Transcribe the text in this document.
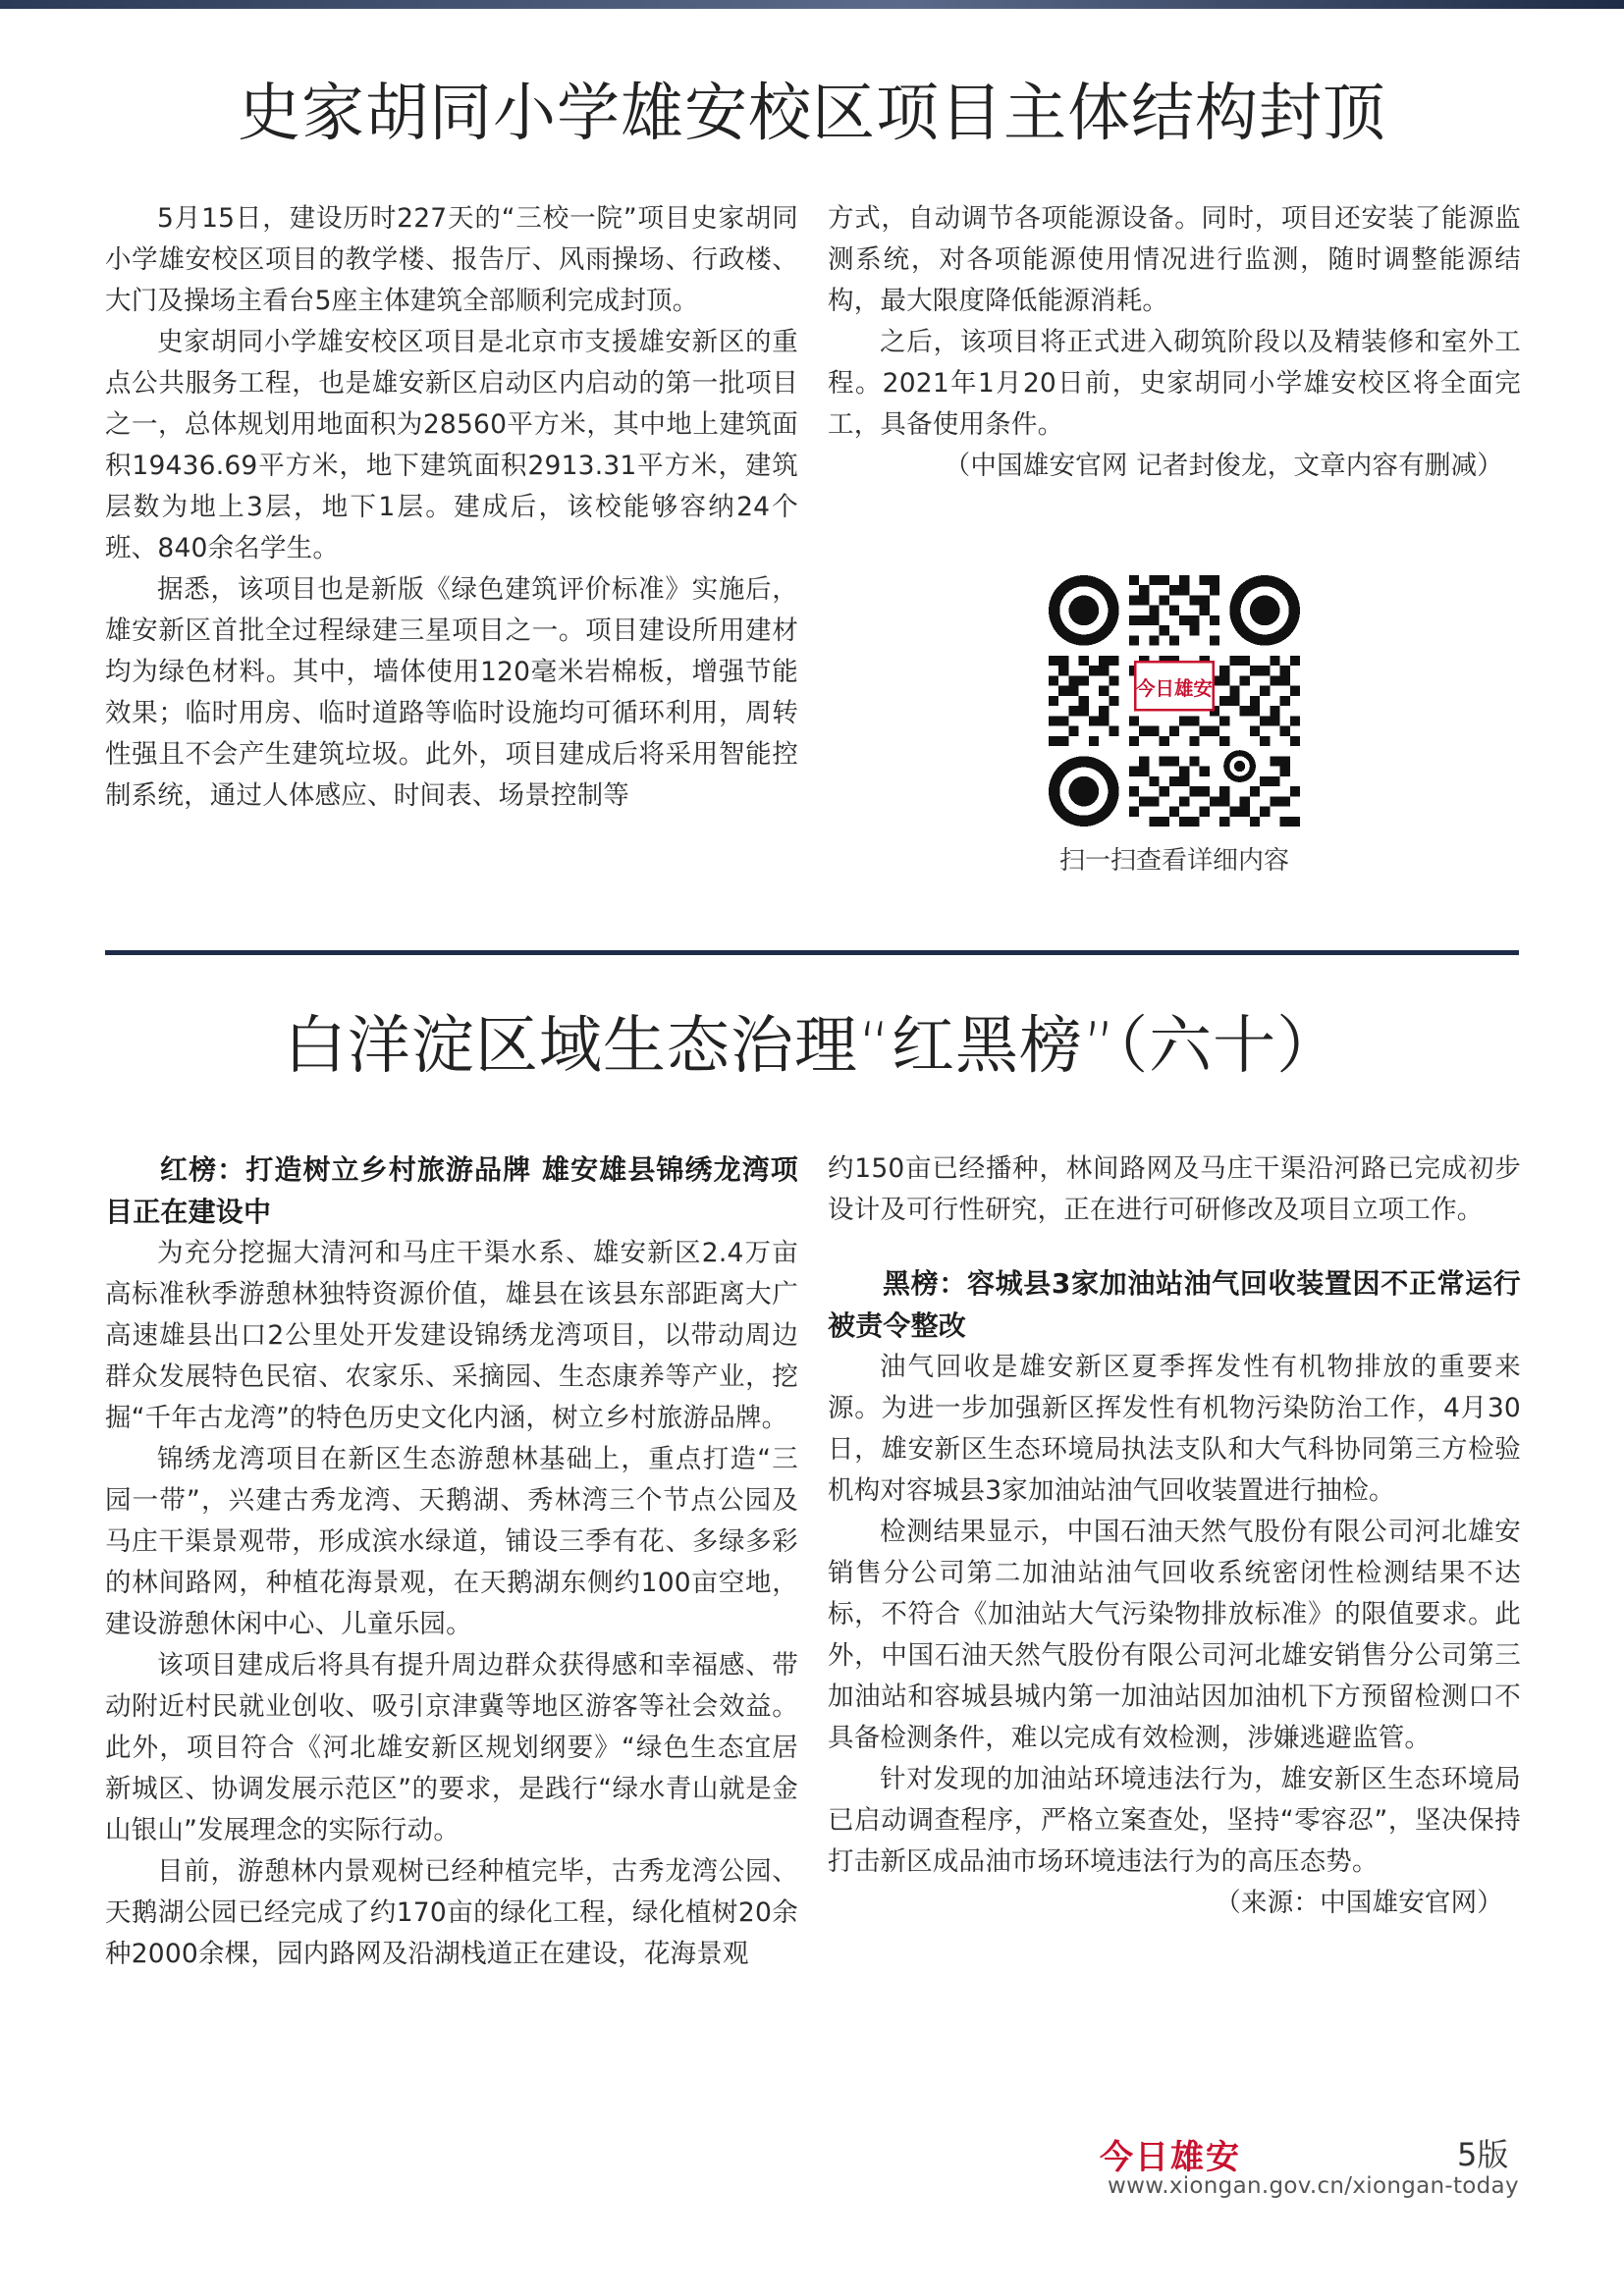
史家胡同小学雄安校区项目主体结构封顶

5月15日，建设历时227天的“三校一院”项目史家胡同小学雄安校区项目的教学楼、报告厅、风雨操场、行政楼、大门及操场主看台5座主体建筑全部顺利完成封顶。

史家胡同小学雄安校区项目是北京市支援雄安新区的重点公共服务工程，也是雄安新区启动区内启动的第一批项目之一，总体规划用地面积为28560平方米，其中地上建筑面积19436.69平方米，地下建筑面积2913.31平方米，建筑层数为地上3层，地下1层。建成后，该校能够容纳24个班、840余名学生。

据悉，该项目也是新版《绿色建筑评价标准》实施后，雄安新区首批全过程绿建三星项目之一。项目建设所用建材均为绿色材料。其中，墙体使用120毫米岩棉板，增强节能效果；临时用房、临时道路等临时设施均可循环利用，周转性强且不会产生建筑垃圾。此外，项目建成后将采用智能控制系统，通过人体感应、时间表、场景控制等

方式，自动调节各项能源设备。同时，项目还安装了能源监测系统，对各项能源使用情况进行监测，随时调整能源结构，最大限度降低能源消耗。

之后，该项目将正式进入砌筑阶段以及精装修和室外工程。2021年1月20日前，史家胡同小学雄安校区将全面完工，具备使用条件。

（中国雄安官网 记者封俊龙，文章内容有删减）

今日雄安

扫一扫查看详细内容

白洋淀区域生态治理“红黑榜”（六十）

红榜：打造树立乡村旅游品牌 雄安雄县锦绣龙湾项目正在建设中

为充分挖掘大清河和马庄干渠水系、雄安新区2.4万亩高标准秋季游憩林独特资源价值，雄县在该县东部距离大广高速雄县出口2公里处开发建设锦绣龙湾项目，以带动周边群众发展特色民宿、农家乐、采摘园、生态康养等产业，挖掘“千年古龙湾”的特色历史文化内涵，树立乡村旅游品牌。

锦绣龙湾项目在新区生态游憩林基础上，重点打造“三园一带”，兴建古秀龙湾、天鹅湖、秀林湾三个节点公园及马庄干渠景观带，形成滨水绿道，铺设三季有花、多绿多彩的林间路网，种植花海景观，在天鹅湖东侧约100亩空地，建设游憩休闲中心、儿童乐园。

该项目建成后将具有提升周边群众获得感和幸福感、带动附近村民就业创收、吸引京津冀等地区游客等社会效益。此外，项目符合《河北雄安新区规划纲要》“绿色生态宜居新城区、协调发展示范区”的要求，是践行“绿水青山就是金山银山”发展理念的实际行动。

目前，游憩林内景观树已经种植完毕，古秀龙湾公园、天鹅湖公园已经完成了约170亩的绿化工程，绿化植树20余种2000余棵，园内路网及沿湖栈道正在建设，花海景观

约150亩已经播种，林间路网及马庄干渠沿河路已完成初步设计及可行性研究，正在进行可研修改及项目立项工作。

黑榜：容城县3家加油站油气回收装置因不正常运行被责令整改

油气回收是雄安新区夏季挥发性有机物排放的重要来源。为进一步加强新区挥发性有机物污染防治工作，4月30日，雄安新区生态环境局执法支队和大气科协同第三方检验机构对容城县3家加油站油气回收装置进行抽检。

检测结果显示，中国石油天然气股份有限公司河北雄安销售分公司第二加油站油气回收系统密闭性检测结果不达标，不符合《加油站大气污染物排放标准》的限值要求。此外，中国石油天然气股份有限公司河北雄安销售分公司第三加油站和容城县城内第一加油站因加油机下方预留检测口不具备检测条件，难以完成有效检测，涉嫌逃避监管。

针对发现的加油站环境违法行为，雄安新区生态环境局已启动调查程序，严格立案查处，坚持“零容忍”，坚决保持打击新区成品油市场环境违法行为的高压态势。

（来源：中国雄安官网）

今日雄安	5版

www.xiongan.gov.cn/xiongan-today
